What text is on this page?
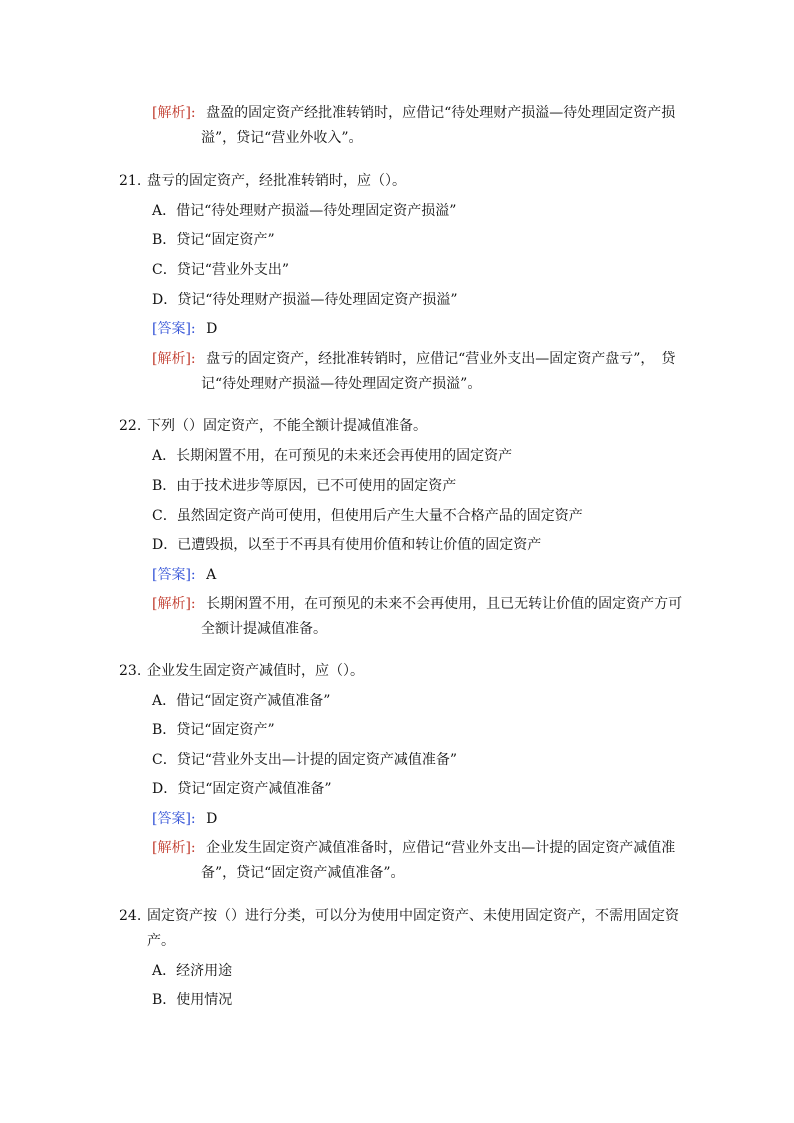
[解析]: 盘盈的固定资产经批准转销时，应借记“待处理财产损溢—待处理固定资产损
溢”，贷记“营业外收入”。
21. 盘亏的固定资产，经批准转销时，应（）。
A．借记“待处理财产损溢—待处理固定资产损溢”
B．贷记“固定资产”
C．贷记“营业外支出”
D．贷记“待处理财产损溢—待处理固定资产损溢”
[答案]: D
[解析]: 盘亏的固定资产，经批准转销时，应借记“营业外支出—固定资产盘亏”，　贷
记“待处理财产损溢—待处理固定资产损溢”。
22. 下列（）固定资产，不能全额计提减值准备。
A．长期闲置不用，在可预见的未来还会再使用的固定资产
B．由于技术进步等原因，已不可使用的固定资产
C．虽然固定资产尚可使用，但使用后产生大量不合格产品的固定资产
D．已遭毁损，以至于不再具有使用价值和转让价值的固定资产
[答案]: A
[解析]: 长期闲置不用，在可预见的未来不会再使用，且已无转让价值的固定资产方可
全额计提减值准备。
23. 企业发生固定资产减值时，应（）。
A．借记“固定资产减值准备”
B．贷记“固定资产”
C．贷记“营业外支出—计提的固定资产减值准备”
D．贷记“固定资产减值准备”
[答案]: D
[解析]: 企业发生固定资产减值准备时，应借记“营业外支出—计提的固定资产减值准
备”，贷记“固定资产减值准备”。
24. 固定资产按（）进行分类，可以分为使用中固定资产、未使用固定资产，不需用固定资
产。
A．经济用途
B．使用情况
